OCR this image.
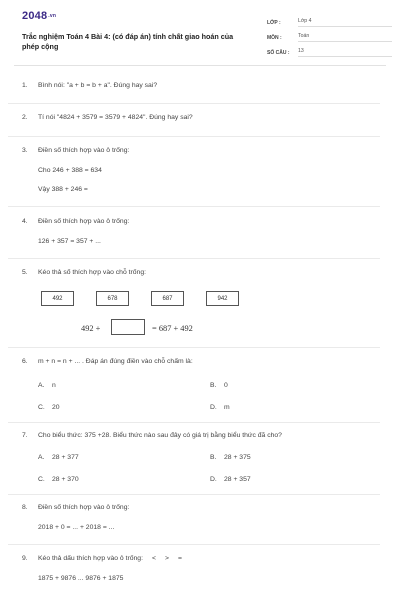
2048.vn
Trắc nghiệm Toán 4 Bài 4: (có đáp án) tính chất giao hoán của phép cộng
LỚP :	Lớp 4
MÔN :	Toán
SỐ CÂU :	13
1.	Bình nói: "a + b = b + a". Đúng hay sai?
2.	Tí nói "4824 + 3579 = 3579 + 4824". Đúng hay sai?
3.	Điền số thích hợp vào ô trống:
Cho 246 + 388 = 634
Vậy 388 + 246 =
4.	Điền số thích hợp vào ô trống:
126 + 357 = 357 + ...
5.	Kéo thả số thích hợp vào chỗ trống:
492	678	687	942
492 +	= 687 + 492
6.	m + n = n + ... . Đáp án đúng điền vào chỗ chấm là:
A. n	B. 0
C. 20	D. m
7.	Cho biểu thức: 375 +28. Biểu thức nào sau đây có giá trị bằng biểu thức đã cho?
A. 28 + 377	B. 28 + 375
C. 28 + 370	D. 28 + 357
8.	Điền số thích hợp vào ô trống:
2018 + 0 = ... + 2018 = ...
9.	Kéo thả dấu thích hợp vào ô trống: < > =
1875 + 9876 ... 9876 + 1875
